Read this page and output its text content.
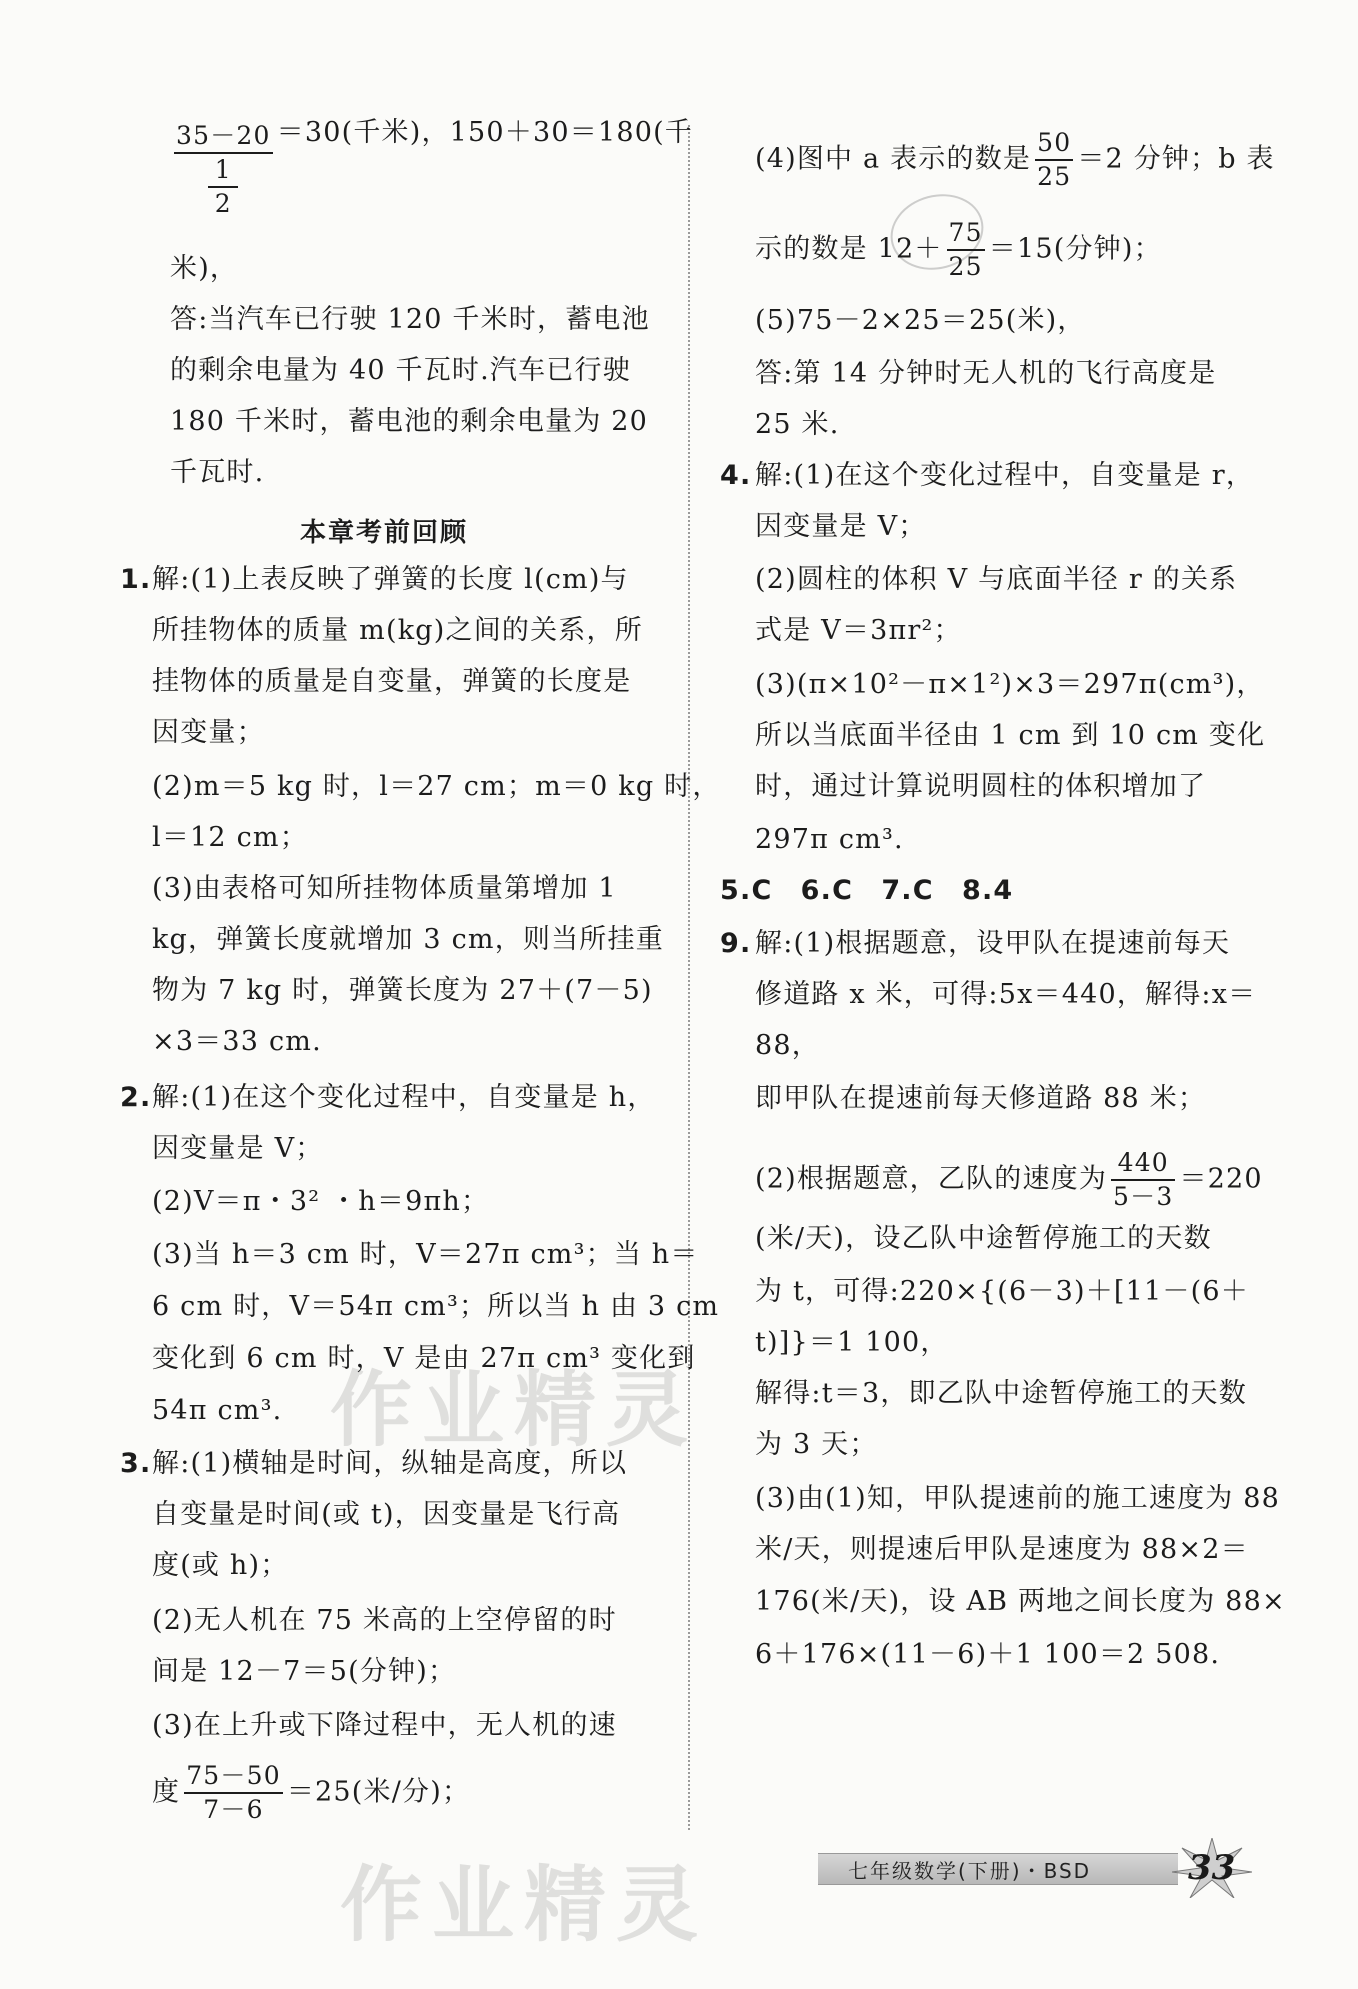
作业精灵
作业精灵
35－20
1
2 ＝30(千米)，150＋30＝180(千
米)，
答:当汽车已行驶 120 千米时，蓄电池
的剩余电量为 40 千瓦时.汽车已行驶
180 千米时，蓄电池的剩余电量为 20
千瓦时.
本章考前回顾
1. 解:(1)上表反映了弹簧的长度 l(cm)与
所挂物体的质量 m(kg)之间的关系，所
挂物体的质量是自变量，弹簧的长度是
因变量；
(2)m＝5 kg 时，l＝27 cm；m＝0 kg 时，
l＝12 cm；
(3)由表格可知所挂物体质量第增加 1
kg，弹簧长度就增加 3 cm，则当所挂重
物为 7 kg 时，弹簧长度为 27＋(7－5)
×3＝33 cm.
2. 解:(1)在这个变化过程中，自变量是 h，
因变量是 V；
(2)V＝π・3² ・h＝9πh；
(3)当 h＝3 cm 时，V＝27π cm³；当 h＝
6 cm 时，V＝54π cm³；所以当 h 由 3 cm
变化到 6 cm 时，V 是由 27π cm³ 变化到
54π cm³.
3. 解:(1)横轴是时间，纵轴是高度，所以
自变量是时间(或 t)，因变量是飞行高
度(或 h)；
(2)无人机在 75 米高的上空停留的时
间是 12－7＝5(分钟)；
(3)在上升或下降过程中，无人机的速
度 $\frac{75-50}{7-6} =25$(米/分)；
(4)图中 a 表示的数是 $\frac{50}{25} =2$ 分钟；b 表
示的数是 $12+ \frac{75}{25} =15$(分钟)；
(5)75－2×25＝25(米)，
答:第 14 分钟时无人机的飞行高度是
25 米.
4. 解:(1)在这个变化过程中，自变量是 r，
因变量是 V；
(2)圆柱的体积 V 与底面半径 r 的关系
式是 V＝3πr²；
(3)(π×10²－π×1²)×3＝297π(cm³)，
所以当底面半径由 1 cm 到 10 cm 变化
时，通过计算说明圆柱的体积增加了
297π cm³.
5.C　6.C　7.C　8.4
9. 解:(1)根据题意，设甲队在提速前每天
修道路 x 米，可得:5x＝440，解得:x＝
88，
即甲队在提速前每天修道路 88 米；
(2)根据题意，乙队的速度为 $\frac{440}{5-3} =220$
(米/天)，设乙队中途暂停施工的天数
为 t，可得:220×{(6－3)＋[11－(6＋
t)]}＝1 100，
解得:t＝3，即乙队中途暂停施工的天数
为 3 天；
(3)由(1)知，甲队提速前的施工速度为 88
米/天，则提速后甲队是速度为 88×2＝
176(米/天)，设 AB 两地之间长度为 88×
6＋176×(11－6)＋1 100＝2 508.
七年级数学(下册)・BSD	33
